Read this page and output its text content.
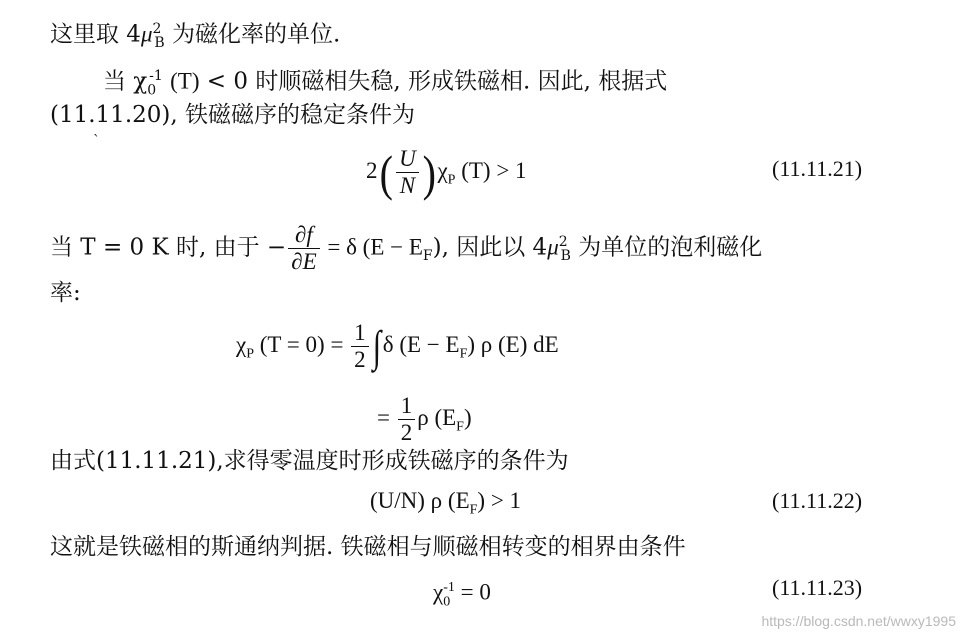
这里取 $4\mu^2_B$ 为磁化率的单位.
当 $\chi_0^{-1}$ (T) < 0 时顺磁相失稳, 形成铁磁相. 因此, 根据式
(11.11.20), 铁磁磁序的稳定条件为
`
$2( \frac{U}{N} )\chi_P$ (T) > 1	(11.11.21)
当 T = 0 K 时, 由于 − $\frac{\partial f}{\partial E} = \delta$ $(E - E_F)$, 因此以 $4\mu^2_B$ 为单位的泡利磁化
率:
$\chi_P$ $(T = 0) = \frac{1}{2} \int\delta$ $(E - E_F)$ ρ (E) dE
= $\frac{1}{2}$ ρ $(E_F)$
由式(11.11.21),求得零温度时形成铁磁序的条件为
(U/N) ρ $(E_F) > 1$	(11.11.22)
这就是铁磁相的斯通纳判据. 铁磁相与顺磁相转变的相界由条件
$\chi_0^{-1} = 0$	(11.11.23)
https://blog.csdn.net/wwxy1995
